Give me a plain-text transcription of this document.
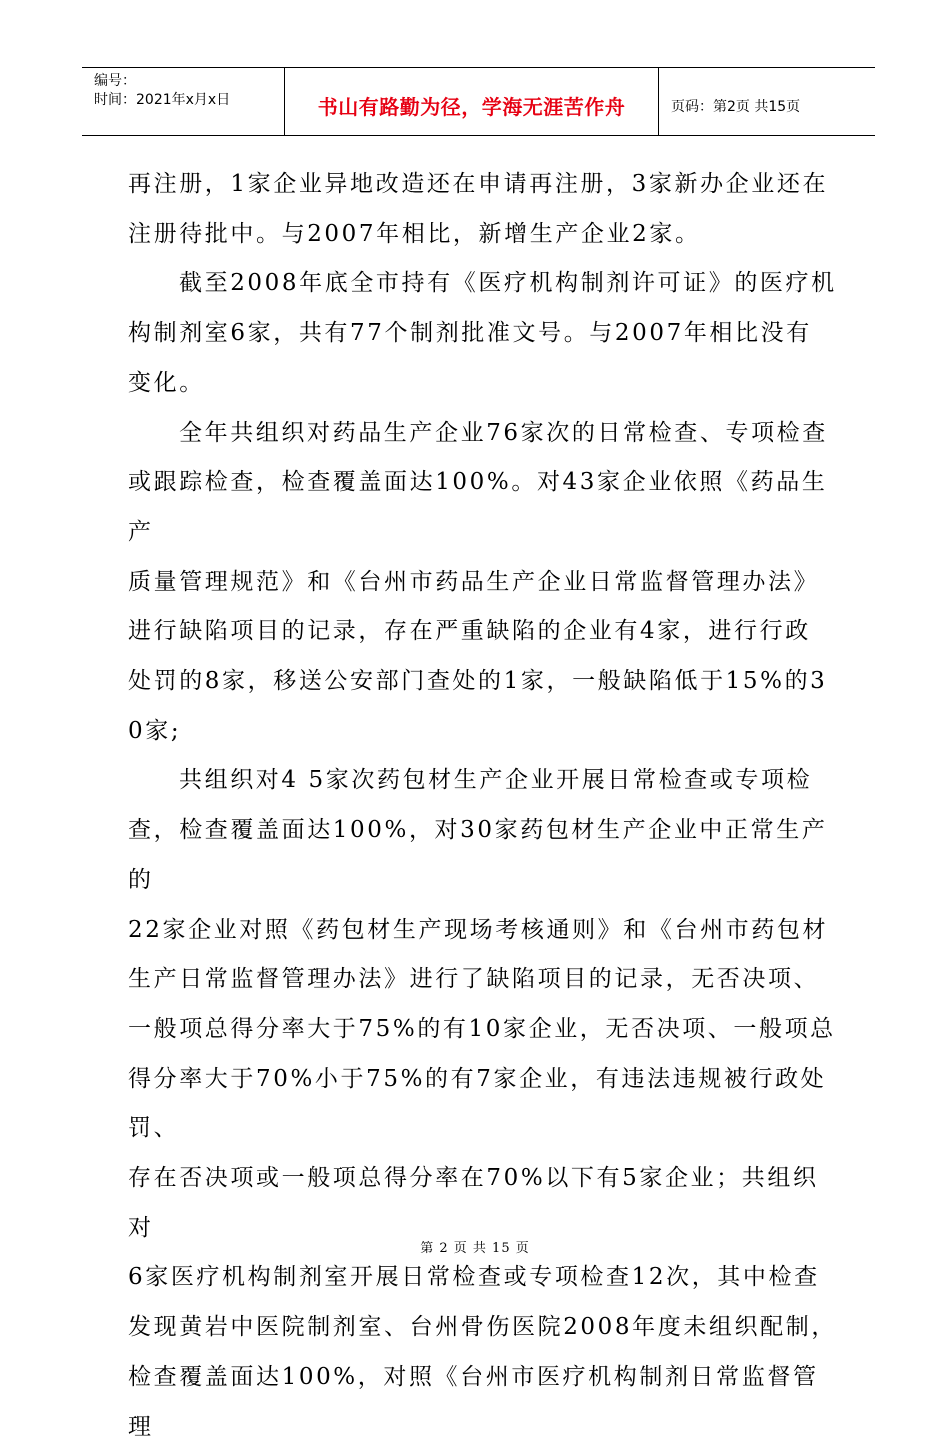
编号：
时间：2021年x月x日	书山有路勤为径，学海无涯苦作舟	页码：第2页 共15页

再注册，1家企业异地改造还在申请再注册，3家新办企业还在

注册待批中。与2007年相比，新增生产企业2家。

截至2008年底全市持有《医疗机构制剂许可证》的医疗机

构制剂室6家，共有77个制剂批准文号。与2007年相比没有

变化。

全年共组织对药品生产企业76家次的日常检查、专项检查

或跟踪检查，检查覆盖面达100%。对43家企业依照《药品生产

质量管理规范》和《台州市药品生产企业日常监督管理办法》

进行缺陷项目的记录，存在严重缺陷的企业有4家，进行行政

处罚的8家，移送公安部门查处的1家，一般缺陷低于15%的3

0家;

共组织对4 5家次药包材生产企业开展日常检查或专项检

查，检查覆盖面达100%，对30家药包材生产企业中正常生产的

22家企业对照《药包材生产现场考核通则》和《台州市药包材

生产日常监督管理办法》进行了缺陷项目的记录，无否决项、

一般项总得分率大于75%的有10家企业，无否决项、一般项总

得分率大于70%小于75%的有7家企业，有违法违规被行政处罚、

存在否决项或一般项总得分率在70%以下有5家企业；共组织对

6家医疗机构制剂室开展日常检查或专项检查12次，其中检查

发现黄岩中医院制剂室、台州骨伤医院2008年度未组织配制，

检查覆盖面达100%，对照《台州市医疗机构制剂日常监督管理

第 2 页 共 15 页
